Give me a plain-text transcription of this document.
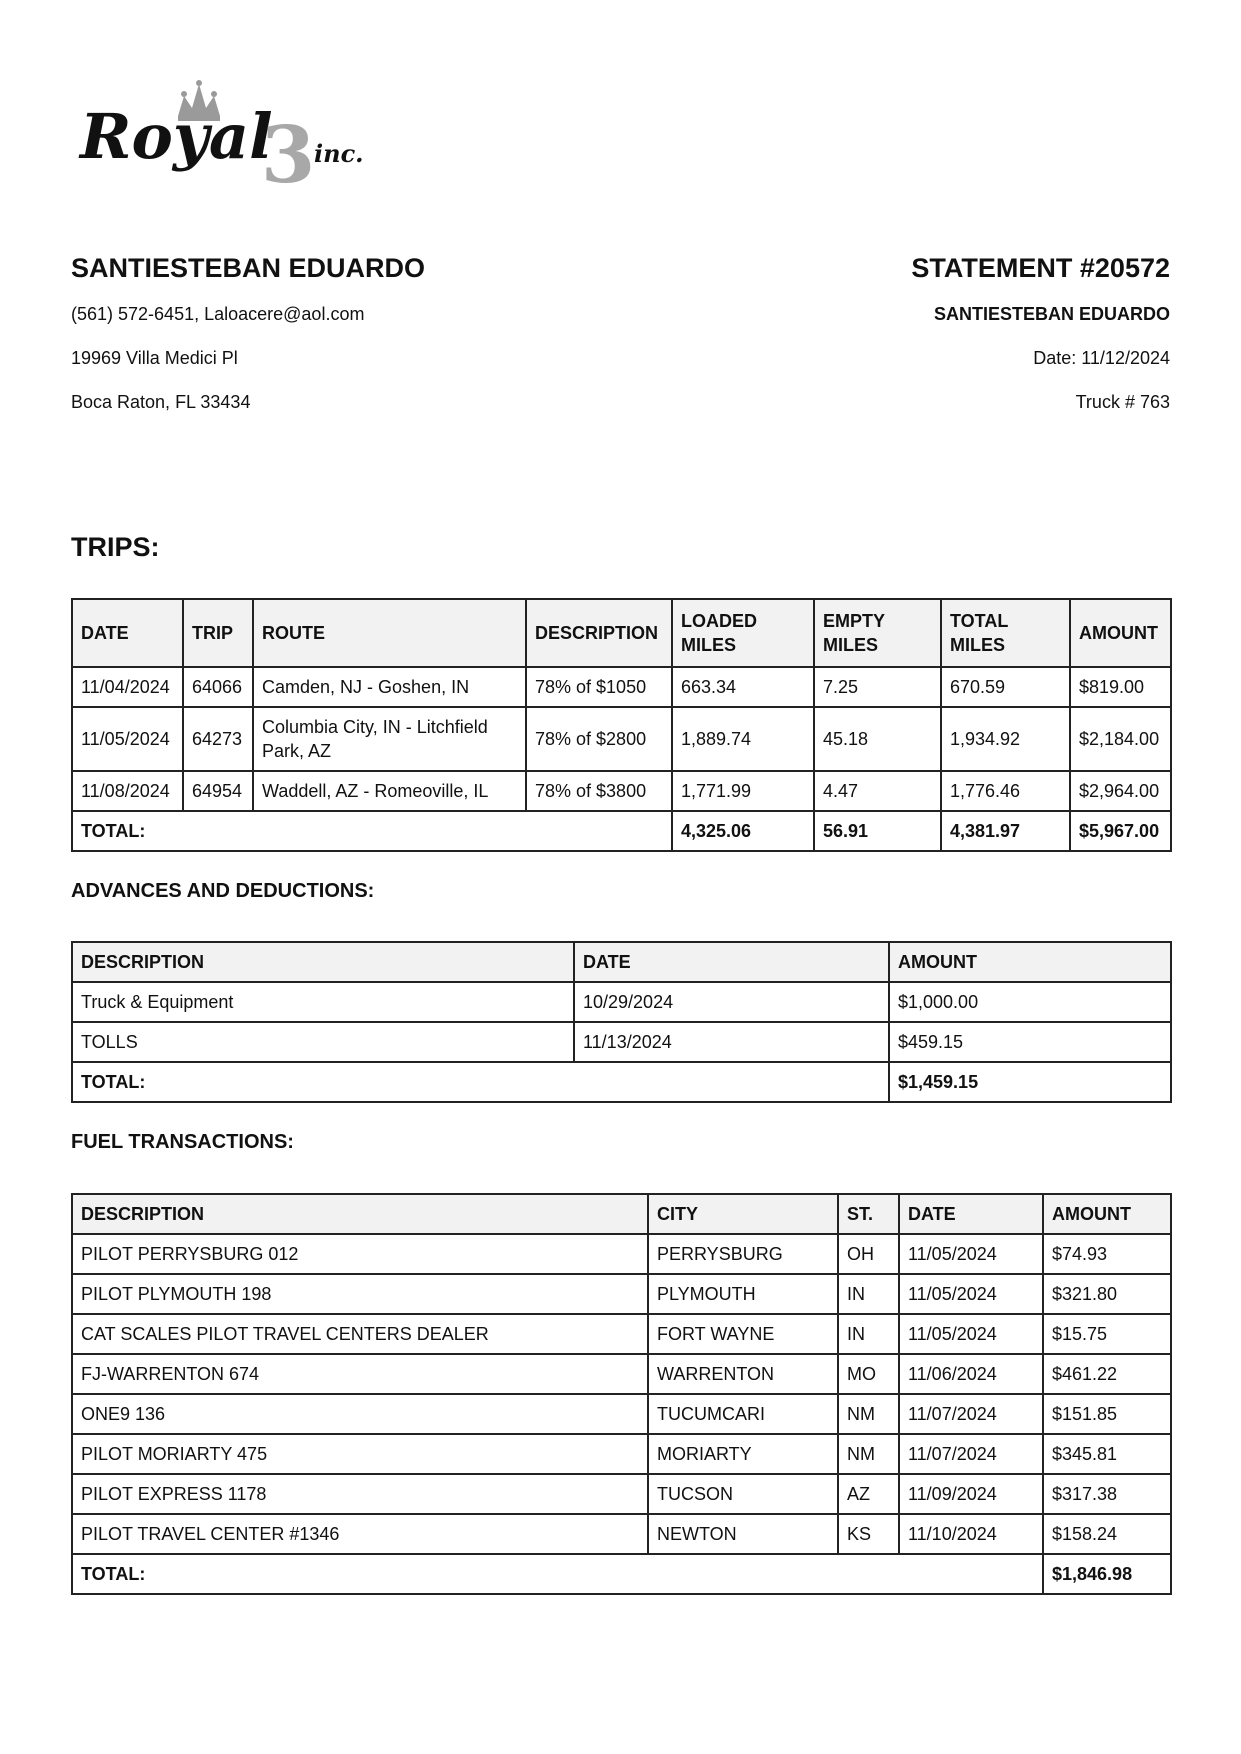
Royal
3
inc.
SANTIESTEBAN EDUARDO
(561) 572-6451, Laloacere@aol.com
19969 Villa Medici Pl
Boca Raton, FL 33434
STATEMENT #20572
SANTIESTEBAN EDUARDO
Date: 11/12/2024
Truck # 763
TRIPS:
DATE	TRIP	ROUTE	DESCRIPTION	LOADED MILES	EMPTY MILES	TOTAL MILES	AMOUNT
11/04/2024	64066	Camden, NJ - Goshen, IN	78% of $1050	663.34	7.25	670.59	$819.00
11/05/2024	64273	Columbia City, IN - Litchfield Park, AZ	78% of $2800	1,889.74	45.18	1,934.92	$2,184.00
11/08/2024	64954	Waddell, AZ - Romeoville, IL	78% of $3800	1,771.99	4.47	1,776.46	$2,964.00
TOTAL:				4,325.06	56.91	4,381.97	$5,967.00
ADVANCES AND DEDUCTIONS:
DESCRIPTION	DATE	AMOUNT
Truck & Equipment	10/29/2024	$1,000.00
TOLLS	11/13/2024	$459.15
TOTAL:		$1,459.15
FUEL TRANSACTIONS:
DESCRIPTION	CITY	ST.	DATE	AMOUNT
PILOT PERRYSBURG 012	PERRYSBURG	OH	11/05/2024	$74.93
PILOT PLYMOUTH 198	PLYMOUTH	IN	11/05/2024	$321.80
CAT SCALES PILOT TRAVEL CENTERS DEALER	FORT WAYNE	IN	11/05/2024	$15.75
FJ-WARRENTON 674	WARRENTON	MO	11/06/2024	$461.22
ONE9 136	TUCUMCARI	NM	11/07/2024	$151.85
PILOT MORIARTY 475	MORIARTY	NM	11/07/2024	$345.81
PILOT EXPRESS 1178	TUCSON	AZ	11/09/2024	$317.38
PILOT TRAVEL CENTER #1346	NEWTON	KS	11/10/2024	$158.24
TOTAL:				$1,846.98
